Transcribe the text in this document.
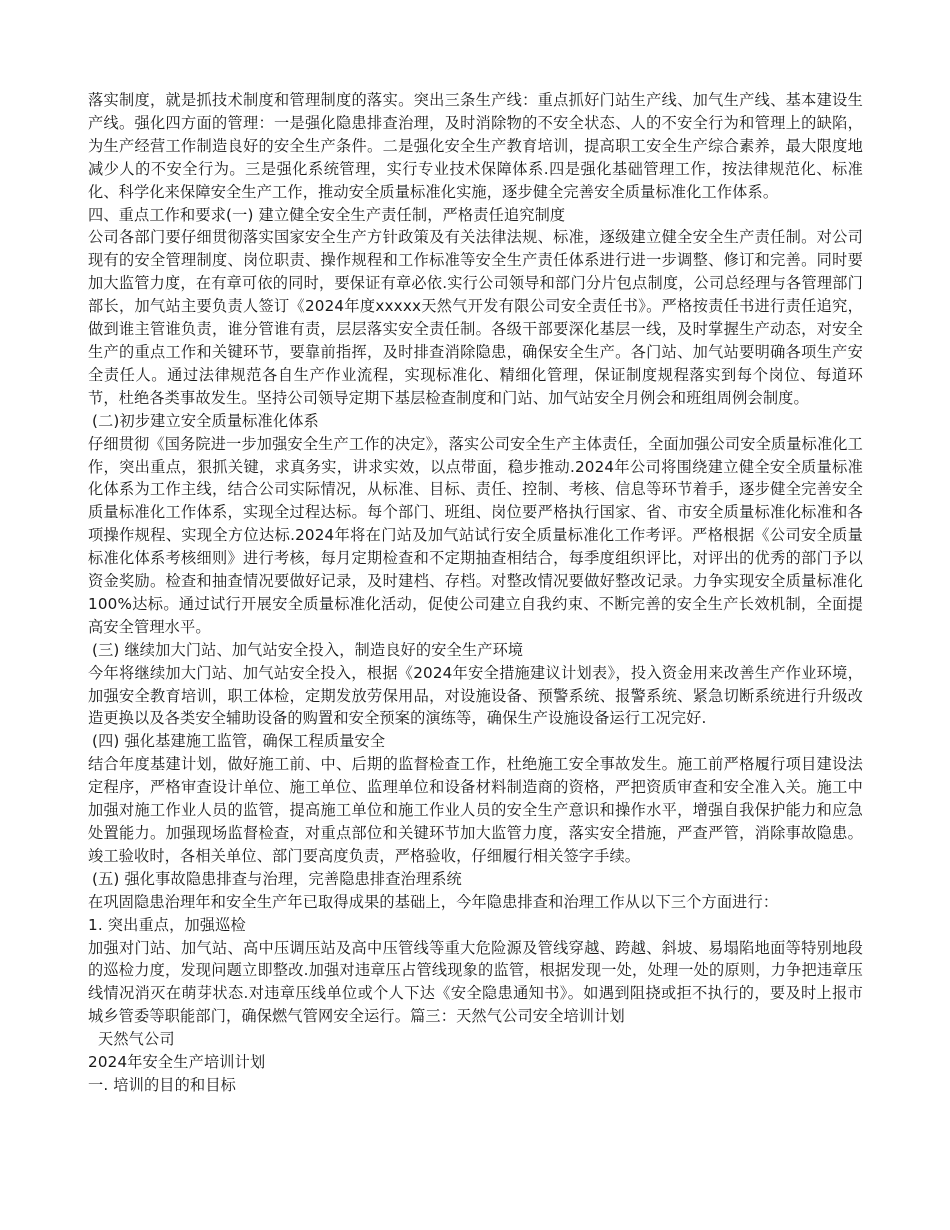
落实制度，就是抓技术制度和管理制度的落实。突出三条生产线：重点抓好门站生产线、加气生产线、基本建设生产线。强化四方面的管理：一是强化隐患排查治理，及时消除物的不安全状态、人的不安全行为和管理上的缺陷，为生产经营工作制造良好的安全生产条件。二是强化安全生产教育培训，提高职工安全生产综合素养，最大限度地减少人的不安全行为。三是强化系统管理，实行专业技术保障体系.四是强化基础管理工作，按法律规范化、标准化、科学化来保障安全生产工作，推动安全质量标准化实施，逐步健全完善安全质量标准化工作体系。

四、重点工作和要求(一) 建立健全安全生产责任制，严格责任追究制度

公司各部门要仔细贯彻落实国家安全生产方针政策及有关法律法规、标准，逐级建立健全安全生产责任制。对公司现有的安全管理制度、岗位职责、操作规程和工作标准等安全生产责任体系进行进一步调整、修订和完善。同时要加大监管力度，在有章可依的同时，要保证有章必依.实行公司领导和部门分片包点制度，公司总经理与各管理部门部长，加气站主要负责人签订《2024年度xxxxx天然气开发有限公司安全责任书》。严格按责任书进行责任追究，做到谁主管谁负责，谁分管谁有责，层层落实安全责任制。各级干部要深化基层一线，及时掌握生产动态，对安全生产的重点工作和关键环节，要靠前指挥，及时排查消除隐患，确保安全生产。各门站、加气站要明确各项生产安全责任人。通过法律规范各自生产作业流程，实现标准化、精细化管理，保证制度规程落实到每个岗位、每道环节，杜绝各类事故发生。坚持公司领导定期下基层检查制度和门站、加气站安全月例会和班组周例会制度。

(二)初步建立安全质量标准化体系

仔细贯彻《国务院进一步加强安全生产工作的决定》，落实公司安全生产主体责任，全面加强公司安全质量标准化工作，突出重点，狠抓关键，求真务实，讲求实效，以点带面，稳步推动.2024年公司将围绕建立健全安全质量标准化体系为工作主线，结合公司实际情况，从标准、目标、责任、控制、考核、信息等环节着手，逐步健全完善安全质量标准化工作体系，实现全过程达标。每个部门、班组、岗位要严格执行国家、省、市安全质量标准化标准和各项操作规程、实现全方位达标.2024年将在门站及加气站试行安全质量标准化工作考评。严格根据《公司安全质量标准化体系考核细则》进行考核，每月定期检查和不定期抽查相结合，每季度组织评比，对评出的优秀的部门予以资金奖励。检查和抽查情况要做好记录，及时建档、存档。对整改情况要做好整改记录。力争实现安全质量标准化100%达标。通过试行开展安全质量标准化活动，促使公司建立自我约束、不断完善的安全生产长效机制，全面提高安全管理水平。

(三) 继续加大门站、加气站安全投入，制造良好的安全生产环境

今年将继续加大门站、加气站安全投入，根据《2024年安全措施建议计划表》，投入资金用来改善生产作业环境，加强安全教育培训，职工体检，定期发放劳保用品，对设施设备、预警系统、报警系统、紧急切断系统进行升级改造更换以及各类安全辅助设备的购置和安全预案的演练等，确保生产设施设备运行工况完好.

(四) 强化基建施工监管，确保工程质量安全

结合年度基建计划，做好施工前、中、后期的监督检查工作，杜绝施工安全事故发生。施工前严格履行项目建设法定程序，严格审查设计单位、施工单位、监理单位和设备材料制造商的资格，严把资质审查和安全准入关。施工中加强对施工作业人员的监管，提高施工单位和施工作业人员的安全生产意识和操作水平，增强自我保护能力和应急处置能力。加强现场监督检查，对重点部位和关键环节加大监管力度，落实安全措施，严查严管，消除事故隐患。竣工验收时，各相关单位、部门要高度负责，严格验收，仔细履行相关签字手续。

(五) 强化事故隐患排查与治理，完善隐患排查治理系统

在巩固隐患治理年和安全生产年已取得成果的基础上，今年隐患排查和治理工作从以下三个方面进行：

1. 突出重点，加强巡检

加强对门站、加气站、高中压调压站及高中压管线等重大危险源及管线穿越、跨越、斜坡、易塌陷地面等特别地段的巡检力度，发现问题立即整改.加强对违章压占管线现象的监管，根据发现一处，处理一处的原则，力争把违章压线情况消灭在萌芽状态.对违章压线单位或个人下达《安全隐患通知书》。如遇到阻挠或拒不执行的，要及时上报市城乡管委等职能部门，确保燃气管网安全运行。篇三：天然气公司安全培训计划

天然气公司

2024年安全生产培训计划

一. 培训的目的和目标
